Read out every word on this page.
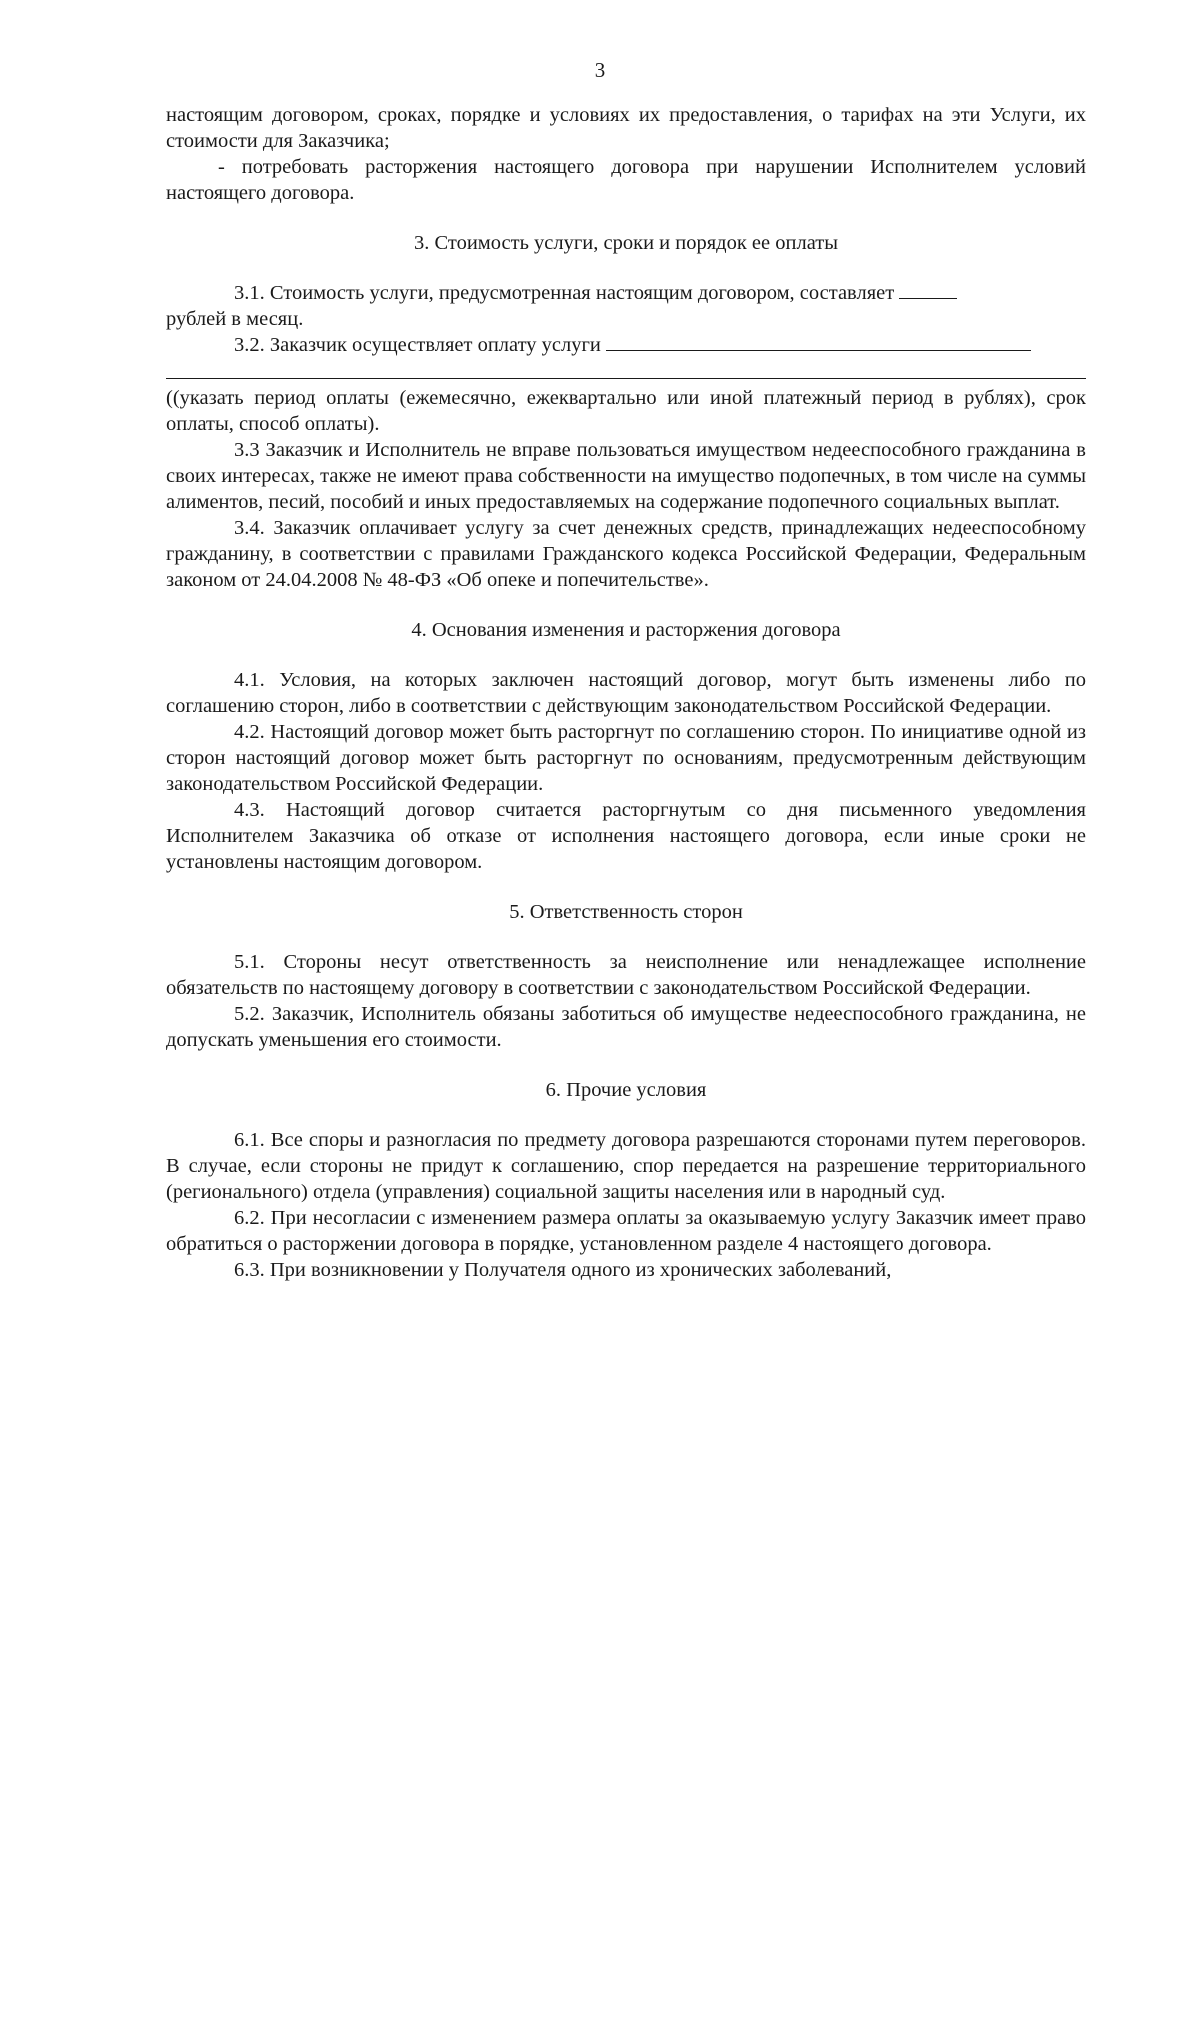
3

настоящим договором, сроках, порядке и условиях их предоставления, о тарифах на эти Услуги, их стоимости для Заказчика;

- потребовать расторжения настоящего договора при нарушении Исполнителем условий настоящего договора.

3. Стоимость услуги, сроки и порядок ее оплаты

3.1. Стоимость услуги, предусмотренная настоящим договором, составляет
рублей в месяц.

3.2. Заказчик осуществляет оплату услуги

((указать период оплаты (ежемесячно, ежеквартально или иной платежный период в рублях), срок оплаты, способ оплаты).

3.3 Заказчик и Исполнитель не вправе пользоваться имуществом недееспособного гражданина в своих интересах, также не имеют права собственности на имущество подопечных, в том числе на суммы алиментов, песий, пособий и иных предоставляемых на содержание подопечного социальных выплат.

3.4. Заказчик оплачивает услугу за счет денежных средств, принадлежащих недееспособному гражданину, в соответствии с правилами Гражданского кодекса Российской Федерации, Федеральным законом от 24.04.2008 № 48-ФЗ «Об опеке и попечительстве».

4. Основания изменения и расторжения договора

4.1. Условия, на которых заключен настоящий договор, могут быть изменены либо по соглашению сторон, либо в соответствии с действующим законодательством Российской Федерации.

4.2. Настоящий договор может быть расторгнут по соглашению сторон. По инициативе одной из сторон настоящий договор может быть расторгнут по основаниям, предусмотренным действующим законодательством Российской Федерации.

4.3. Настоящий договор считается расторгнутым со дня письменного уведомления Исполнителем Заказчика об отказе от исполнения настоящего договора, если иные сроки не установлены настоящим договором.

5. Ответственность сторон

5.1. Стороны несут ответственность за неисполнение или ненадлежащее исполнение обязательств по настоящему договору в соответствии с законодательством Российской Федерации.

5.2. Заказчик, Исполнитель обязаны заботиться об имуществе недееспособного гражданина, не допускать уменьшения его стоимости.

6. Прочие условия

6.1. Все споры и разногласия по предмету договора разрешаются сторонами путем переговоров. В случае, если стороны не придут к соглашению, спор передается на разрешение территориального (регионального) отдела (управления) социальной защиты населения или в народный суд.

6.2. При несогласии с изменением размера оплаты за оказываемую услугу Заказчик имеет право обратиться о расторжении договора в порядке, установленном разделе 4 настоящего договора.

6.3. При возникновении у Получателя одного из хронических заболеваний,
